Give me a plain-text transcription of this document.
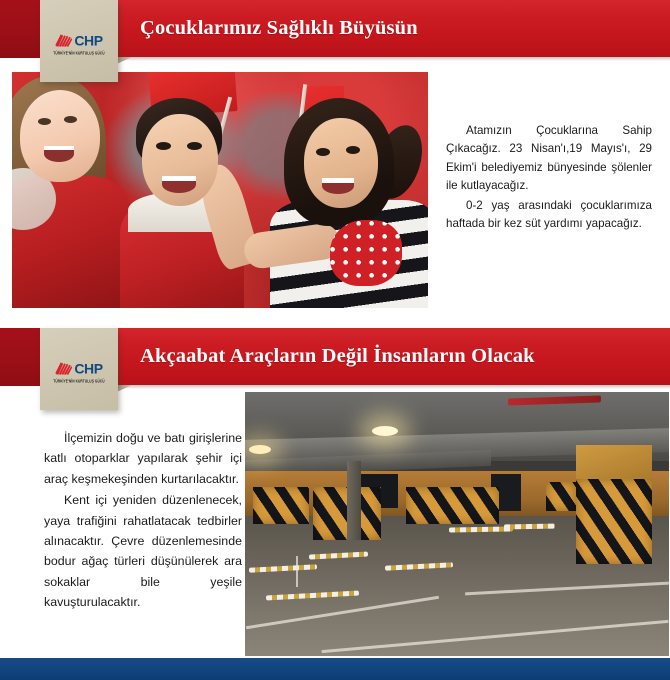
CHP
TÜRKİYE'NİN KURTULUŞ GÜCÜ
Çocuklarımız Sağlıklı Büyüsün

Atamızın Çocuklarına Sahip Çıkacağız. 23 Nisan'ı,19 Mayıs'ı, 29 Ekim'i belediyemiz bünyesinde şölenler ile kutlayacağız.

0-2 yaş arasındaki çocuklarımıza haftada bir kez süt yardımı yapacağız.

CHP
TÜRKİYE'NİN KURTULUŞ GÜCÜ
Akçaabat Araçların Değil İnsanların Olacak

İlçemizin doğu ve batı girişlerine katlı otoparklar yapılarak şehir içi araç keşmekeşinden kurtarılacaktır.

Kent içi yeniden düzenlenecek, yaya trafiğini rahatlatacak tedbirler alınacaktır. Çevre düzenlemesinde bodur ağaç türleri düşünülerek ara sokaklar bile yeşile kavuşturulacaktır.
